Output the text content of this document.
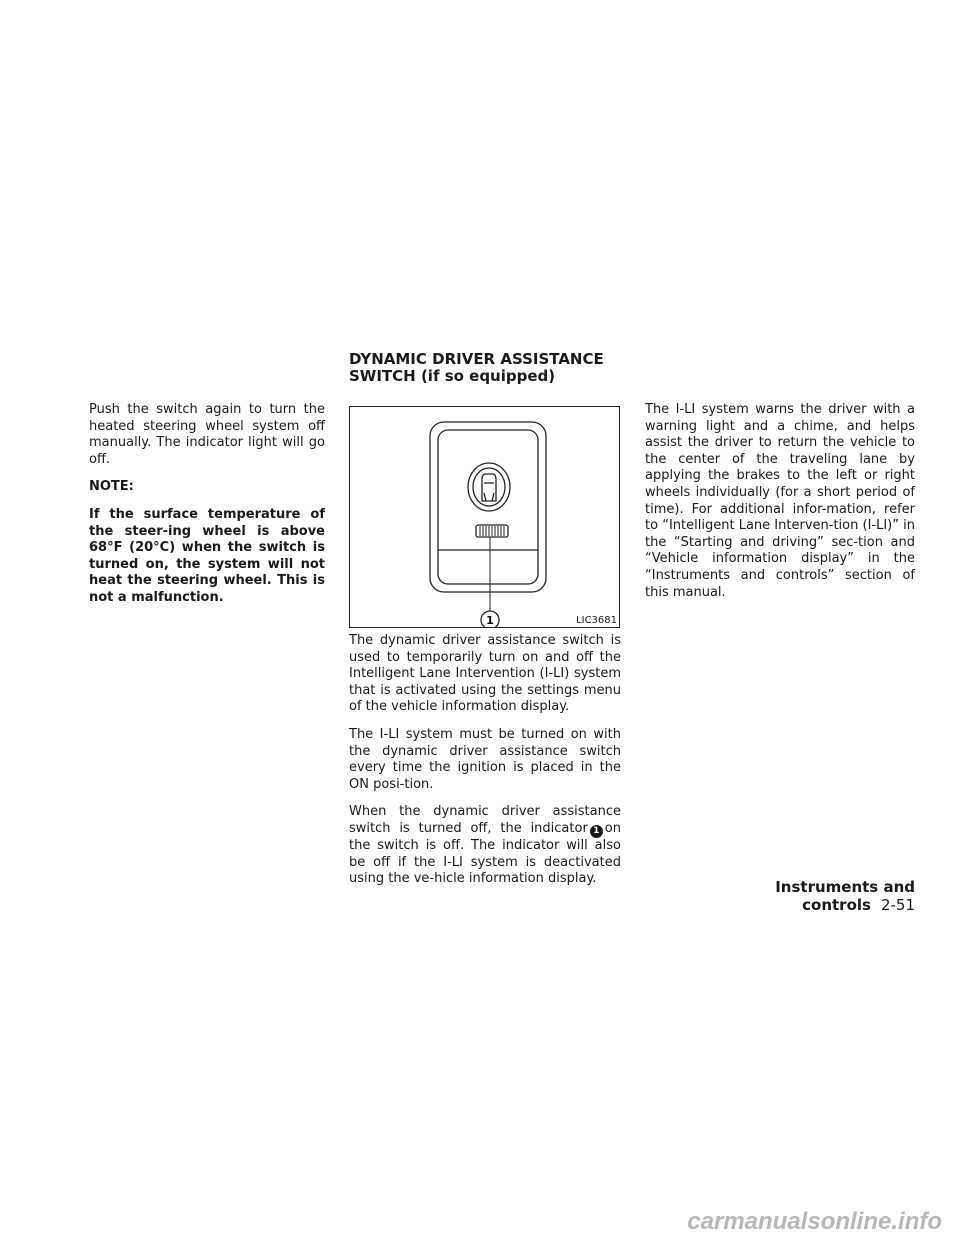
Push the switch again to turn the heated steering wheel system off manually. The indicator light will go off.

NOTE:

If the surface temperature of the steer-ing wheel is above 68°F (20°C) when the switch is turned on, the system will not heat the steering wheel. This is not a malfunction.

DYNAMIC DRIVER ASSISTANCE
SWITCH (if so equipped)
1	LIC3681

The dynamic driver assistance switch is used to temporarily turn on and off the Intelligent Lane Intervention (I-LI) system that is activated using the settings menu of the vehicle information display.

The I-LI system must be turned on with the dynamic driver assistance switch every time the ignition is placed in the ON posi-tion.

When the dynamic driver assistance switch is turned off, the indicator 1 on the switch is off. The indicator will also be off if the I-LI system is deactivated using the ve-hicle information display.

The I-LI system warns the driver with a warning light and a chime, and helps assist the driver to return the vehicle to the center of the traveling lane by applying the brakes to the left or right wheels individually (for a short period of time). For additional infor-mation, refer to “Intelligent Lane Interven-tion (I-LI)” in the “Starting and driving” sec-tion and “Vehicle information display” in the “Instruments and controls” section of this manual.

Instruments and controls 2-51
carmanualsonline.info
